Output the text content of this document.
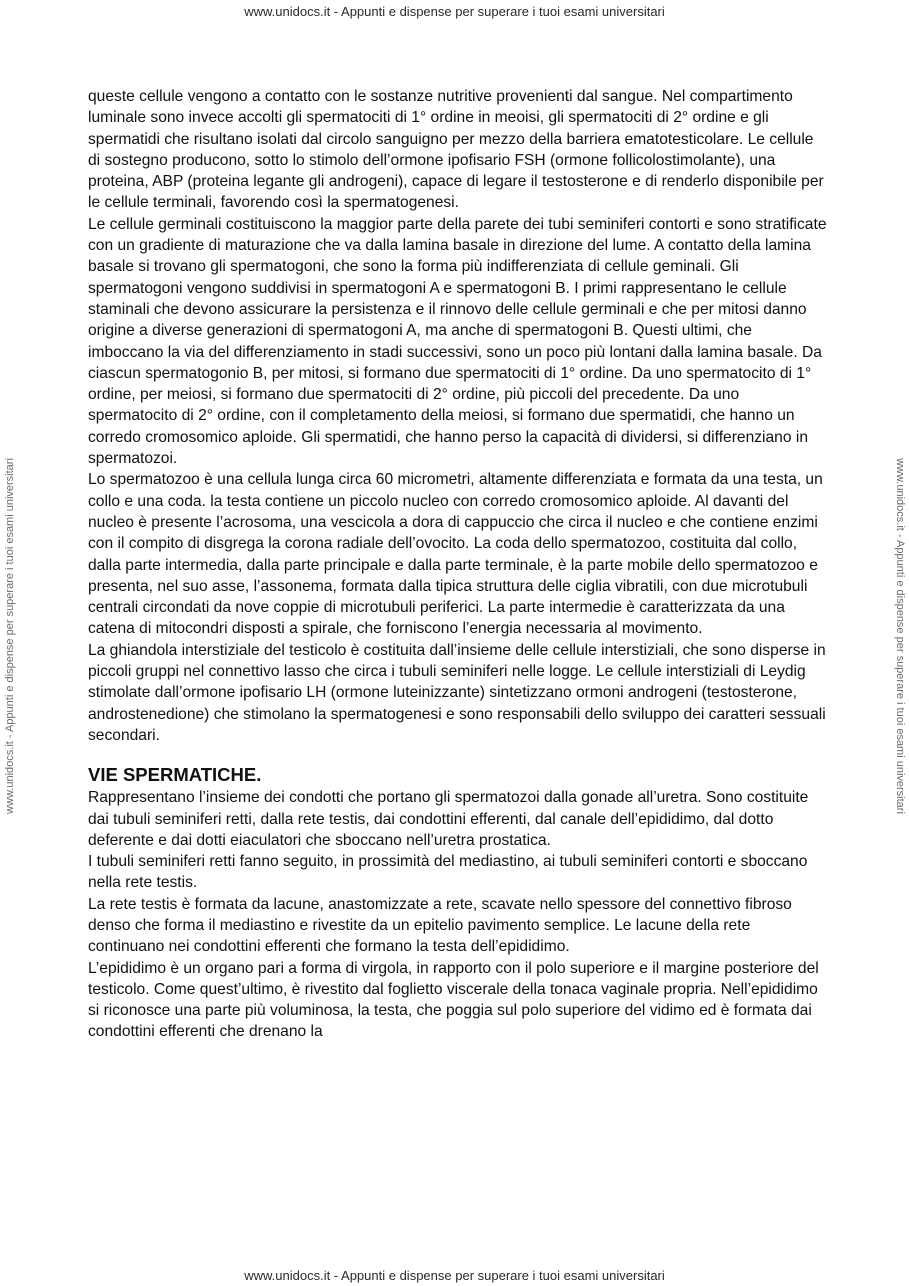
www.unidocs.it - Appunti e dispense per superare i tuoi esami universitari
www.unidocs.it - Appunti e dispense per superare i tuoi esami universitari	www.unidocs.it - Appunti e dispense per superare i tuoi esami universitari

queste cellule vengono a contatto con le sostanze nutritive provenienti dal sangue. Nel compartimento luminale sono invece accolti gli spermatociti di 1° ordine in meoisi, gli spermatociti di 2° ordine e gli spermatidi che risultano isolati dal circolo sanguigno per mezzo della barriera ematotesticolare. Le cellule di sostegno producono, sotto lo stimolo dell’ormone ipofisario FSH (ormone follicolostimolante), una proteina, ABP (proteina legante gli androgeni), capace di legare il testosterone e di renderlo disponibile per le cellule terminali, favorendo così la spermatogenesi.

Le cellule germinali costituiscono la maggior parte della parete dei tubi seminiferi contorti e sono stratificate con un gradiente di maturazione che va dalla lamina basale in direzione del lume. A contatto della lamina basale si trovano gli spermatogoni, che sono la forma più indifferenziata di cellule geminali. Gli spermatogoni vengono suddivisi in spermatogoni A e spermatogoni B. I primi rappresentano le cellule staminali che devono assicurare la persistenza e il rinnovo delle cellule germinali e che per mitosi danno origine a diverse generazioni di spermatogoni A, ma anche di spermatogoni B. Questi ultimi, che imboccano la via del differenziamento in stadi successivi, sono un poco più lontani dalla lamina basale. Da ciascun spermatogonio B, per mitosi, si formano due spermatociti di 1° ordine. Da uno spermatocito di 1° ordine, per meiosi, si formano due spermatociti di 2° ordine, più piccoli del precedente. Da uno spermatocito di 2° ordine, con il completamento della meiosi, si formano due spermatidi, che hanno un corredo cromosomico aploide. Gli spermatidi, che hanno perso la capacità di dividersi, si differenziano in spermatozoi.

Lo spermatozoo è una cellula lunga circa 60 micrometri, altamente differenziata e formata da una testa, un collo e una coda. la testa contiene un piccolo nucleo con corredo cromosomico aploide. Al davanti del nucleo è presente l’acrosoma, una vescicola a dora di cappuccio che circa il nucleo e che contiene enzimi con il compito di disgrega la corona radiale dell’ovocito. La coda dello spermatozoo, costituita dal collo, dalla parte intermedia, dalla parte principale e dalla parte terminale, è la parte mobile dello spermatozoo e presenta, nel suo asse, l’assonema, formata dalla tipica struttura delle ciglia vibratili, con due microtubuli centrali circondati da nove coppie di microtubuli periferici. La parte intermedie è caratterizzata da una catena di mitocondri disposti a spirale, che forniscono l’energia necessaria al movimento.

La ghiandola interstiziale del testicolo è costituita dall’insieme delle cellule interstiziali, che sono disperse in piccoli gruppi nel connettivo lasso che circa i tubuli seminiferi nelle logge. Le cellule interstiziali di Leydig stimolate dall’ormone ipofisario LH (ormone luteinizzante) sintetizzano ormoni androgeni (testosterone, androstenedione) che stimolano la spermatogenesi e sono responsabili dello sviluppo dei caratteri sessuali secondari.

VIE SPERMATICHE.

Rappresentano l’insieme dei condotti che portano gli spermatozoi dalla gonade all’uretra. Sono costituite dai tubuli seminiferi retti, dalla rete testis, dai condottini efferenti, dal canale dell’epididimo, dal dotto deferente e dai dotti eiaculatori che sboccano nell’uretra prostatica.

I tubuli seminiferi retti fanno seguito, in prossimità del mediastino, ai tubuli seminiferi contorti e sboccano nella rete testis.

La rete testis è formata da lacune, anastomizzate a rete, scavate nello spessore del connettivo fibroso denso che forma il mediastino e rivestite da un epitelio pavimento semplice. Le lacune della rete continuano nei condottini efferenti che formano la testa dell’epididimo.

L’epididimo è un organo pari a forma di virgola, in rapporto con il polo superiore e il margine posteriore del testicolo. Come quest’ultimo, è rivestito dal foglietto viscerale della tonaca vaginale propria. Nell’epididimo si riconosce una parte più voluminosa, la testa, che poggia sul polo superiore del vidimo ed è formata dai condottini efferenti che drenano la

www.unidocs.it - Appunti e dispense per superare i tuoi esami universitari
